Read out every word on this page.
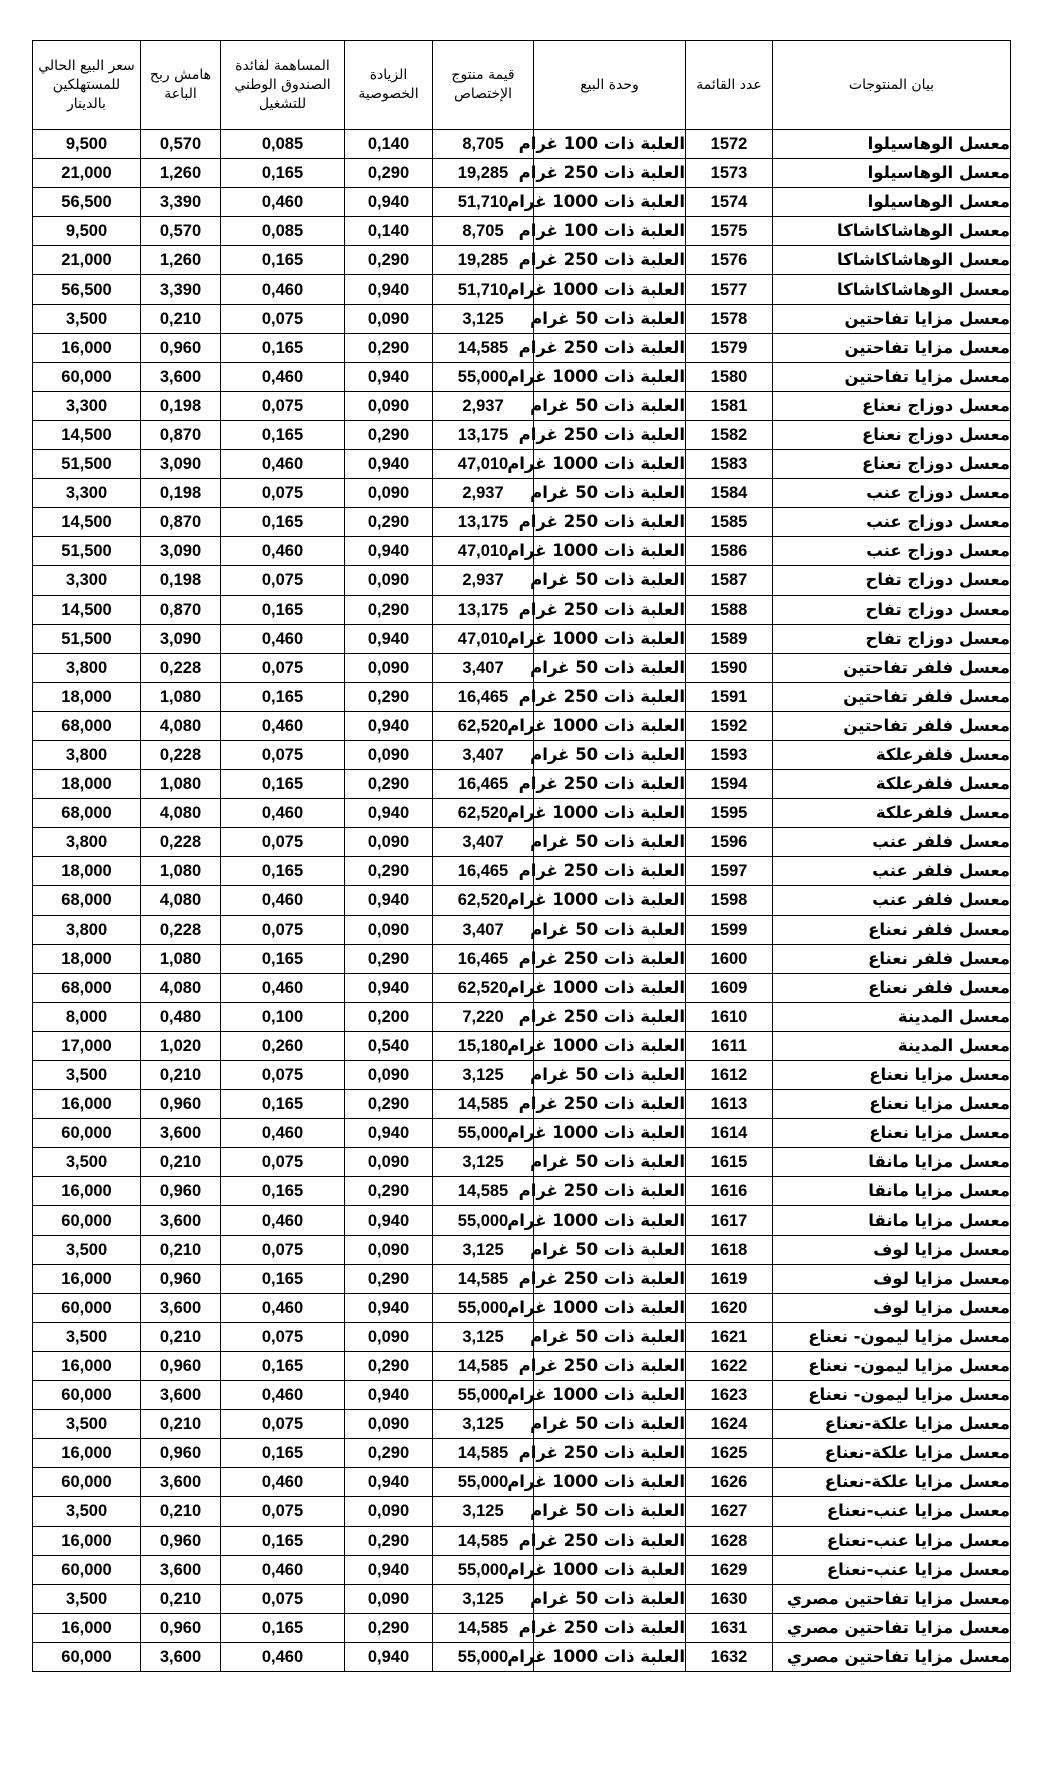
سعر البيع الحالي للمستهلكين بالدينار	هامش ربح الباعة	المساهمة لفائدة الصندوق الوطني للتشغيل	الزيادة الخصوصية	قيمة منتوج الإختصاص	وحدة البيع	عدد القائمة	بيان المنتوجات
9,500	0,570	0,085	0,140	8,705	العلبة ذات 100 غرام	1572	معسل الوهاسيلوا
21,000	1,260	0,165	0,290	19,285	العلبة ذات 250 غرام	1573	معسل الوهاسيلوا
56,500	3,390	0,460	0,940	51,710	العلبة ذات 1000 غرام	1574	معسل الوهاسيلوا
9,500	0,570	0,085	0,140	8,705	العلبة ذات 100 غرام	1575	معسل الوهاشاكاشاكا
21,000	1,260	0,165	0,290	19,285	العلبة ذات 250 غرام	1576	معسل الوهاشاكاشاكا
56,500	3,390	0,460	0,940	51,710	العلبة ذات 1000 غرام	1577	معسل الوهاشاكاشاكا
3,500	0,210	0,075	0,090	3,125	العلبة ذات 50 غرام	1578	معسل مزايا تفاحتين
16,000	0,960	0,165	0,290	14,585	العلبة ذات 250 غرام	1579	معسل مزايا تفاحتين
60,000	3,600	0,460	0,940	55,000	العلبة ذات 1000 غرام	1580	معسل مزايا تفاحتين
3,300	0,198	0,075	0,090	2,937	العلبة ذات 50 غرام	1581	معسل دوزاج نعناع
14,500	0,870	0,165	0,290	13,175	العلبة ذات 250 غرام	1582	معسل دوزاج نعناع
51,500	3,090	0,460	0,940	47,010	العلبة ذات 1000 غرام	1583	معسل دوزاج نعناع
3,300	0,198	0,075	0,090	2,937	العلبة ذات 50 غرام	1584	معسل دوزاج عنب
14,500	0,870	0,165	0,290	13,175	العلبة ذات 250 غرام	1585	معسل دوزاج عنب
51,500	3,090	0,460	0,940	47,010	العلبة ذات 1000 غرام	1586	معسل دوزاج عنب
3,300	0,198	0,075	0,090	2,937	العلبة ذات 50 غرام	1587	معسل دوزاج تفاح
14,500	0,870	0,165	0,290	13,175	العلبة ذات 250 غرام	1588	معسل دوزاج تفاح
51,500	3,090	0,460	0,940	47,010	العلبة ذات 1000 غرام	1589	معسل دوزاج تفاح
3,800	0,228	0,075	0,090	3,407	العلبة ذات 50 غرام	1590	معسل فلفر تفاحتين
18,000	1,080	0,165	0,290	16,465	العلبة ذات 250 غرام	1591	معسل فلفر تفاحتين
68,000	4,080	0,460	0,940	62,520	العلبة ذات 1000 غرام	1592	معسل فلفر تفاحتين
3,800	0,228	0,075	0,090	3,407	العلبة ذات 50 غرام	1593	معسل فلفرعلكة
18,000	1,080	0,165	0,290	16,465	العلبة ذات 250 غرام	1594	معسل فلفرعلكة
68,000	4,080	0,460	0,940	62,520	العلبة ذات 1000 غرام	1595	معسل فلفرعلكة
3,800	0,228	0,075	0,090	3,407	العلبة ذات 50 غرام	1596	معسل فلفر عنب
18,000	1,080	0,165	0,290	16,465	العلبة ذات 250 غرام	1597	معسل فلفر عنب
68,000	4,080	0,460	0,940	62,520	العلبة ذات 1000 غرام	1598	معسل فلفر عنب
3,800	0,228	0,075	0,090	3,407	العلبة ذات 50 غرام	1599	معسل فلفر نعناع
18,000	1,080	0,165	0,290	16,465	العلبة ذات 250 غرام	1600	معسل فلفر نعناع
68,000	4,080	0,460	0,940	62,520	العلبة ذات 1000 غرام	1609	معسل فلفر نعناع
8,000	0,480	0,100	0,200	7,220	العلبة ذات 250 غرام	1610	معسل المدينة
17,000	1,020	0,260	0,540	15,180	العلبة ذات 1000 غرام	1611	معسل المدينة
3,500	0,210	0,075	0,090	3,125	العلبة ذات 50 غرام	1612	معسل مزايا نعناع
16,000	0,960	0,165	0,290	14,585	العلبة ذات 250 غرام	1613	معسل مزايا نعناع
60,000	3,600	0,460	0,940	55,000	العلبة ذات 1000 غرام	1614	معسل مزايا نعناع
3,500	0,210	0,075	0,090	3,125	العلبة ذات 50 غرام	1615	معسل مزايا مانقا
16,000	0,960	0,165	0,290	14,585	العلبة ذات 250 غرام	1616	معسل مزايا مانقا
60,000	3,600	0,460	0,940	55,000	العلبة ذات 1000 غرام	1617	معسل مزايا مانقا
3,500	0,210	0,075	0,090	3,125	العلبة ذات 50 غرام	1618	معسل مزايا لوف
16,000	0,960	0,165	0,290	14,585	العلبة ذات 250 غرام	1619	معسل مزايا لوف
60,000	3,600	0,460	0,940	55,000	العلبة ذات 1000 غرام	1620	معسل مزايا لوف
3,500	0,210	0,075	0,090	3,125	العلبة ذات 50 غرام	1621	معسل مزايا ليمون- نعناع
16,000	0,960	0,165	0,290	14,585	العلبة ذات 250 غرام	1622	معسل مزايا ليمون- نعناع
60,000	3,600	0,460	0,940	55,000	العلبة ذات 1000 غرام	1623	معسل مزايا ليمون- نعناع
3,500	0,210	0,075	0,090	3,125	العلبة ذات 50 غرام	1624	معسل مزايا علكة-نعناع
16,000	0,960	0,165	0,290	14,585	العلبة ذات 250 غرام	1625	معسل مزايا علكة-نعناع
60,000	3,600	0,460	0,940	55,000	العلبة ذات 1000 غرام	1626	معسل مزايا علكة-نعناع
3,500	0,210	0,075	0,090	3,125	العلبة ذات 50 غرام	1627	معسل مزايا عنب-نعناع
16,000	0,960	0,165	0,290	14,585	العلبة ذات 250 غرام	1628	معسل مزايا عنب-نعناع
60,000	3,600	0,460	0,940	55,000	العلبة ذات 1000 غرام	1629	معسل مزايا عنب-نعناع
3,500	0,210	0,075	0,090	3,125	العلبة ذات 50 غرام	1630	معسل مزايا تفاحتين مصري
16,000	0,960	0,165	0,290	14,585	العلبة ذات 250 غرام	1631	معسل مزايا تفاحتين مصري
60,000	3,600	0,460	0,940	55,000	العلبة ذات 1000 غرام	1632	معسل مزايا تفاحتين مصري
